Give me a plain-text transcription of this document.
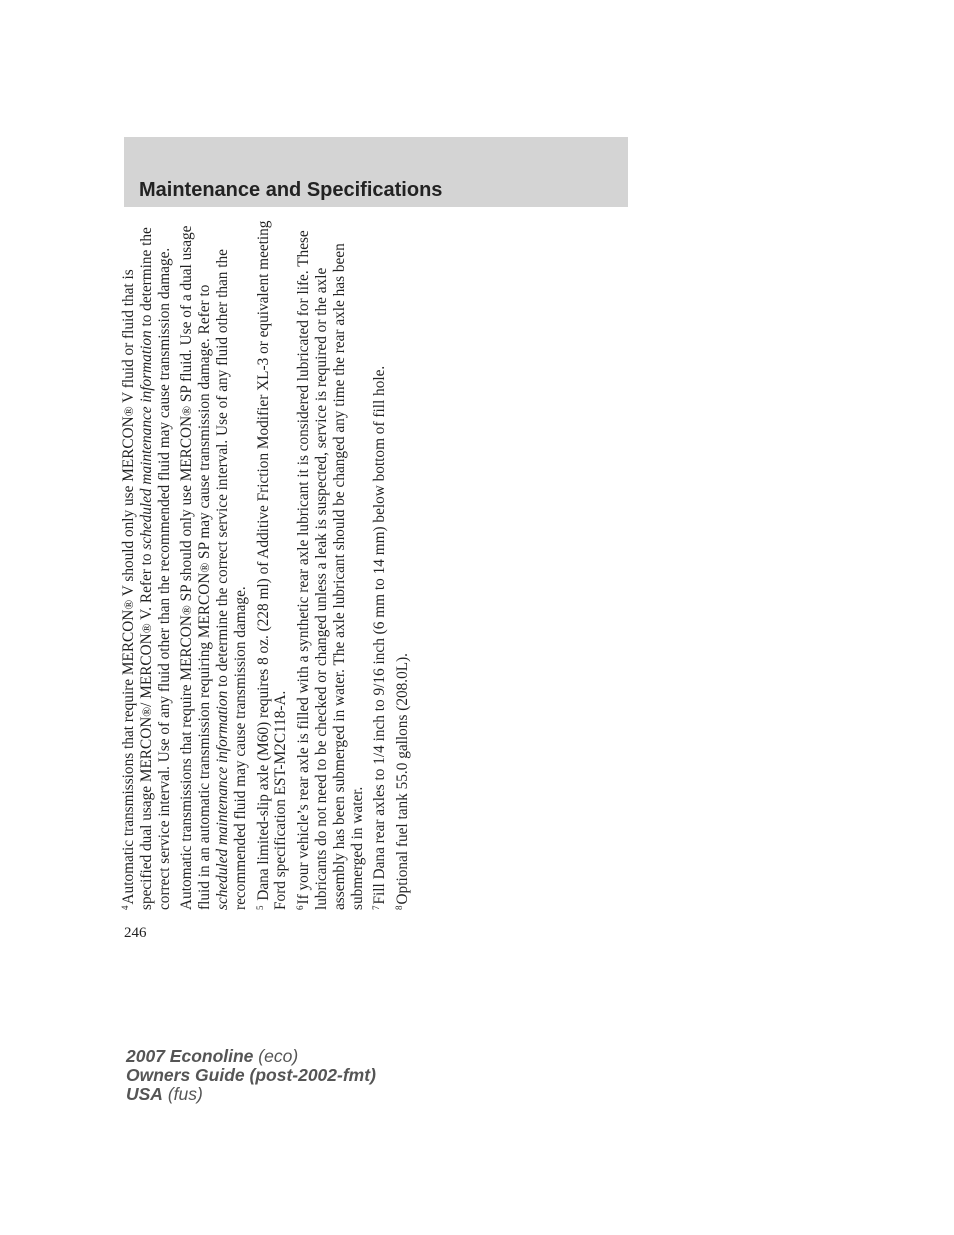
Maintenance and Specifications

$^4$Automatic transmissions that require MERCON® V should only use MERCON® V fluid or fluid that is specified dual usage MERCON®/ MERCON® V. Refer to scheduled maintenance information to determine the correct service interval. Use of any fluid other than the recommended fluid may cause transmission damage. Automatic transmissions that require MERCON® SP should only use MERCON® SP fluid. Use of a dual usage fluid in an automatic transmission requiring MERCON® SP may cause transmission damage. Refer to scheduled maintenance information to determine the correct service interval. Use of any fluid other than the recommended fluid may cause transmission damage. $^5$ Dana limited-slip axle (M60) requires 8 oz. (228 ml) of Additive Friction Modifier XL-3 or equivalent meeting Ford specification EST-M2C118-A. $^6$If your vehicle’s rear axle is filled with a synthetic rear axle lubricant it is considered lubricated for life. These lubricants do not need to be checked or changed unless a leak is suspected, service is required or the axle assembly has been submerged in water. The axle lubricant should be changed any time the rear axle has been submerged in water. $^7$Fill Dana rear axles to 1/4 inch to 9/16 inch (6 mm to 14 mm) below bottom of fill hole.

$^8$Optional fuel tank 55.0 gallons (208.0L).

246
2007 Econoline (eco)
Owners Guide (post-2002-fmt)
USA (fus)
